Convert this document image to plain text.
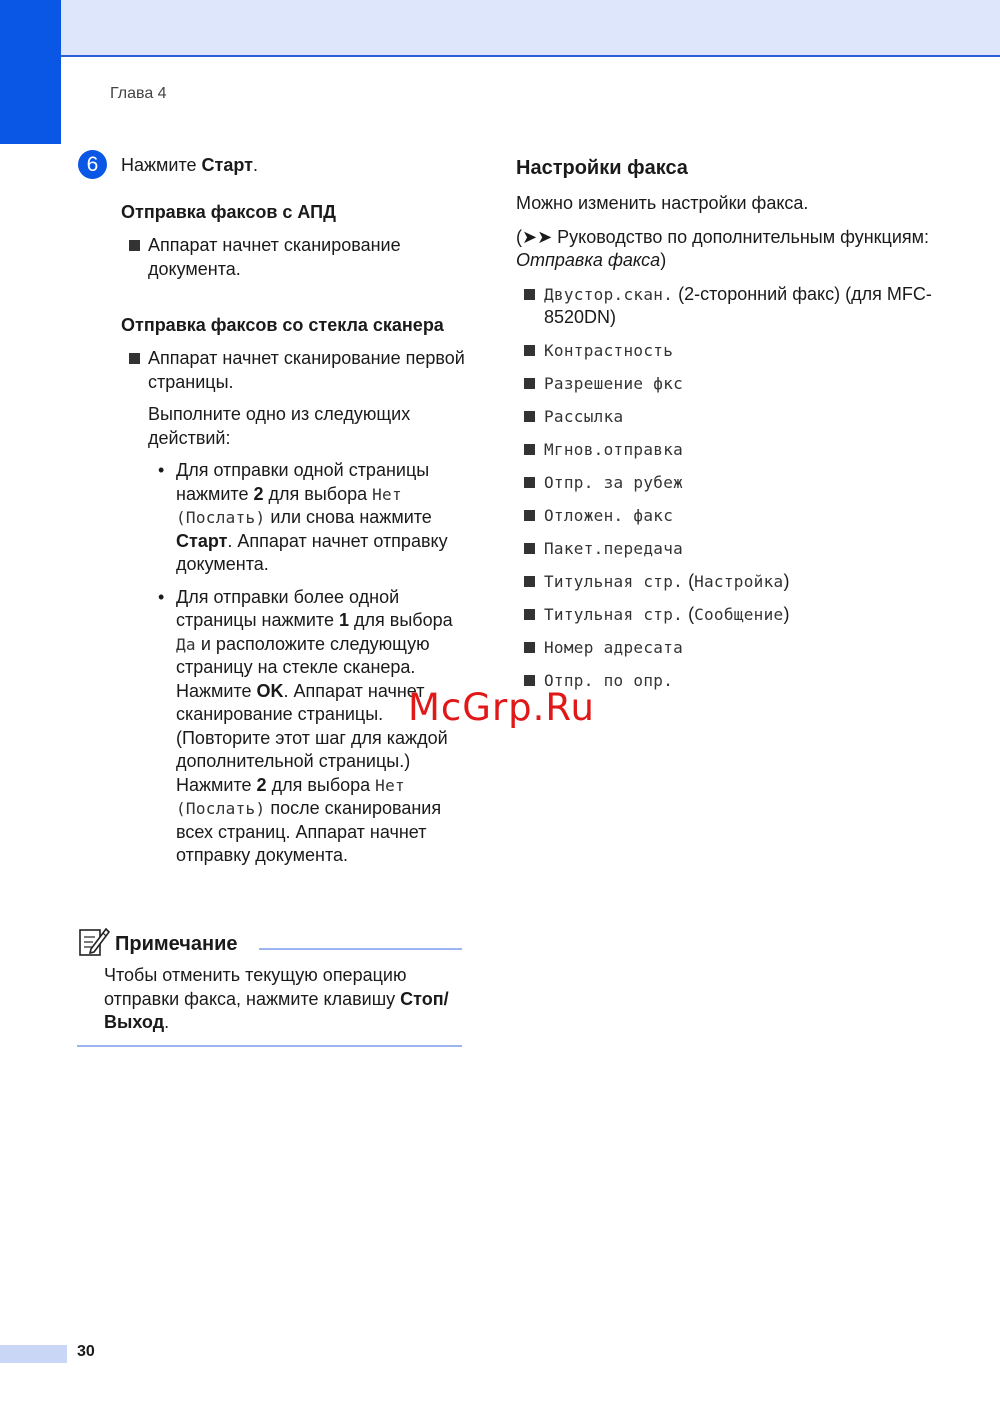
Глава 4
6	Нажмите Старт.
Отправка факсов с АПД
Аппарат начнет сканирование документа.
Отправка факсов со стекла сканера
Аппарат начнет сканирование первой страницы.

Выполните одно из следующих действий:

• Для отправки одной страницы нажмите 2 для выбора Нет (Послать) или снова нажмите Старт. Аппарат начнет отправку документа.
• Для отправки более одной страницы нажмите 1 для выбора Да и расположите следующую страницу на стекле сканера. Нажмите OK. Аппарат начнет сканирование страницы. (Повторите этот шаг для каждой дополнительной страницы.) Нажмите 2 для выбора Нет (Послать) после сканирования всех страниц. Аппарат начнет отправку документа.
Примечание
Чтобы отменить текущую операцию отправки факса, нажмите клавишу Стоп/Выход.
Настройки факса

Можно изменить настройки факса.

(➤➤ Руководство по дополнительным функциям: Отправка факса)

Двустор.скан. (2-сторонний факс) (для MFC-8520DN)
Контрастность
Разрешение фкс
Рассылка
Мгнов.отправка
Отпр. за рубеж
Отложен. факс
Пакет.передача
Титульная стр. (Настройка)
Титульная стр. (Сообщение)
Номер адресата
Отпр. по опр.
McGrp.Ru
30
